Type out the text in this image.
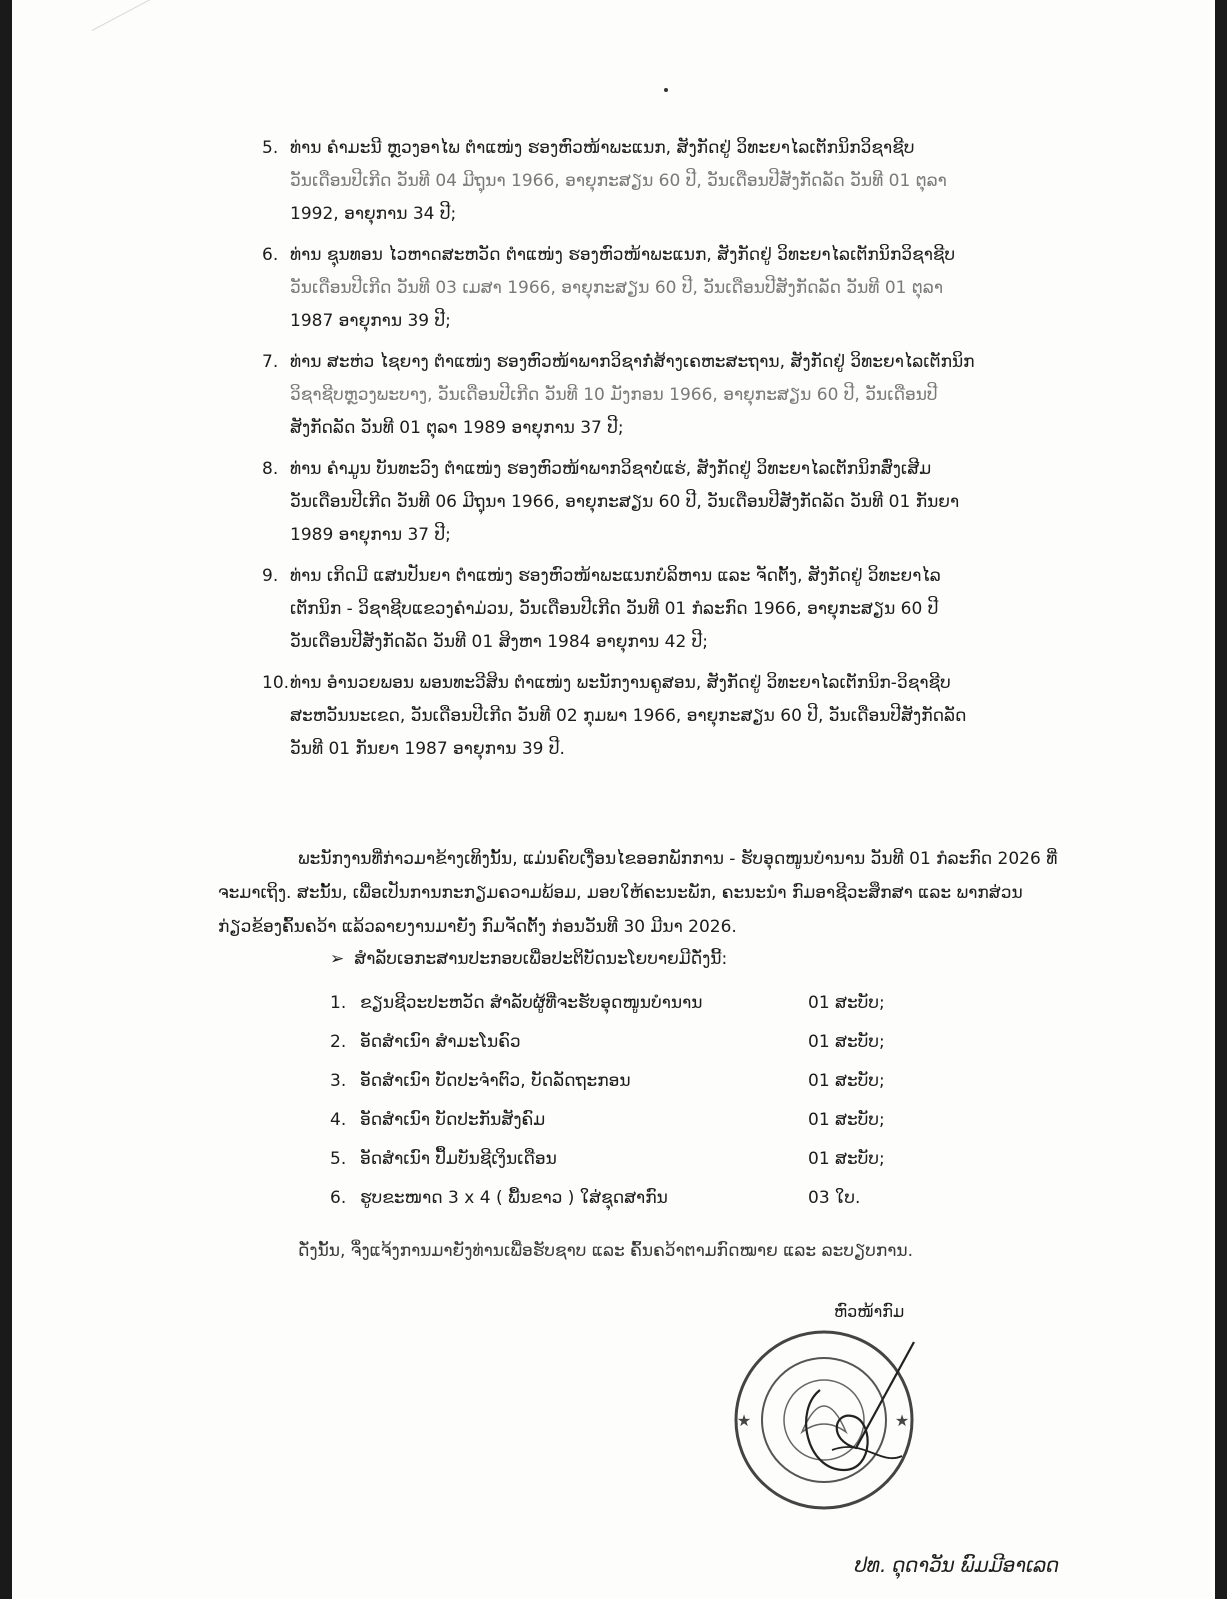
5. ທ່ານ ຄຳມະນີ ຫຼວງອາໄພ ຕຳແໜ່ງ ຮອງຫົວໜ້າພະແນກ, ສັງກັດຢູ່ ວິທະຍາໄລເຕັກນິກວິຊາຊີບ
ວັນເດືອນປີເກີດ ວັນທີ 04 ມີຖຸນາ 1966, ອາຍຸກະສຽນ 60 ປີ, ວັນເດືອນປີສັງກັດລັດ ວັນທີ 01 ຕຸລາ
1992, ອາຍຸການ 34 ປີ;
6. ທ່ານ ຊຸນທອນ ໄວຫາດສະຫວັດ ຕຳແໜ່ງ ຮອງຫົວໜ້າພະແນກ, ສັງກັດຢູ່ ວິທະຍາໄລເຕັກນິກວິຊາຊີບ
ວັນເດືອນປີເກີດ ວັນທີ 03 ເມສາ 1966, ອາຍຸກະສຽນ 60 ປີ, ວັນເດືອນປີສັງກັດລັດ ວັນທີ 01 ຕຸລາ
1987 ອາຍຸການ 39 ປີ;
7. ທ່ານ ສະຫ່ວ ໄຊຍາງ ຕຳແໜ່ງ ຮອງຫົວໜ້າພາກວິຊາກໍ່ສ້າງເຄຫະສະຖານ, ສັງກັດຢູ່ ວິທະຍາໄລເຕັກນິກ
ວິຊາຊີບຫຼວງພະບາງ, ວັນເດືອນປີເກີດ ວັນທີ 10 ມັງກອນ 1966, ອາຍຸກະສຽນ 60 ປີ, ວັນເດືອນປີ
ສັງກັດລັດ ວັນທີ 01 ຕຸລາ 1989 ອາຍຸການ 37 ປີ;
8. ທ່ານ ຄຳມູນ ບັນທະວົງ ຕຳແໜ່ງ ຮອງຫົວໜ້າພາກວິຊາບໍ່ແຮ່, ສັງກັດຢູ່ ວິທະຍາໄລເຕັກນິກສົ່ງເສີມ
ວັນເດືອນປີເກີດ ວັນທີ 06 ມີຖຸນາ 1966, ອາຍຸກະສຽນ 60 ປີ, ວັນເດືອນປີສັງກັດລັດ ວັນທີ 01 ກັນຍາ
1989 ອາຍຸການ 37 ປີ;
9. ທ່ານ ເກິດມີ ແສນປັນຍາ ຕຳແໜ່ງ ຮອງຫົວໜ້າພະແນກບໍລິຫານ ແລະ ຈັດຕັ້ງ, ສັງກັດຢູ່ ວິທະຍາໄລ
ເຕັກນິກ - ວິຊາຊີບແຂວງຄຳມ່ວນ, ວັນເດືອນປີເກີດ ວັນທີ 01 ກໍລະກົດ 1966, ອາຍຸກະສຽນ 60 ປີ
ວັນເດືອນປີສັງກັດລັດ ວັນທີ 01 ສິງຫາ 1984 ອາຍຸການ 42 ປີ;
10. ທ່ານ ອຳນວຍພອນ ພອນທະວີສິນ ຕຳແໜ່ງ ພະນັກງານຄູສອນ, ສັງກັດຢູ່ ວິທະຍາໄລເຕັກນິກ-ວິຊາຊີບ
ສະຫວັນນະເຂດ, ວັນເດືອນປີເກີດ ວັນທີ 02 ກຸມພາ 1966, ອາຍຸກະສຽນ 60 ປີ, ວັນເດືອນປີສັງກັດລັດ
ວັນທີ 01 ກັນຍາ 1987 ອາຍຸການ 39 ປີ.
ພະນັກງານທີ່ກ່າວມາຂ້າງເທິງນັ້ນ, ແມ່ນຄົບເງື່ອນໄຂອອກພັກການ - ຮັບອຸດໜູນບໍານານ ວັນທີ 01 ກໍລະກົດ 2026 ທີ່ຈະມາເຖິງ. ສະນັ້ນ, ເພື່ອເປັນການກະກຽມຄວາມພ້ອມ, ມອບໃຫ້ຄະນະພັກ, ຄະນະນຳ ກົມອາຊີວະສຶກສາ ແລະ ພາກສ່ວນກ່ຽວຂ້ອງຄົ້ນຄວ້າ ແລ້ວລາຍງານມາຍັງ ກົມຈັດຕັ້ງ ກ່ອນວັນທີ 30 ມີນາ 2026.
➢ ສໍາລັບເອກະສານປະກອບເພື່ອປະຕິບັດນະໂຍບາຍມີດັ່ງນີ້:
1. ຂຽນຊີວະປະຫວັດ ສໍາລັບຜູ້ທີ່ຈະຮັບອຸດໜູນບໍານານ	01 ສະບັບ;
2. ອັດສໍາເນົາ ສໍາມະໂນຄົວ	01 ສະບັບ;
3. ອັດສໍາເນົາ ບັດປະຈໍາຕົວ, ບັດລັດຖະກອນ	01 ສະບັບ;
4. ອັດສໍາເນົາ ບັດປະກັນສັງຄົມ	01 ສະບັບ;
5. ອັດສໍາເນົາ ປຶ້ມບັນຊີເງິນເດືອນ	01 ສະບັບ;
6. ຮູບຂະໜາດ 3 x 4 ( ພື້ນຂາວ ) ໃສ່ຊຸດສາກົນ	03 ໃບ.
ດັ່ງນັ້ນ, ຈຶ່ງແຈ້ງການມາຍັງທ່ານເພື່ອຮັບຊາບ ແລະ ຄົ້ນຄວ້າຕາມກົດໝາຍ ແລະ ລະບຽບການ.
ຫົວໜ້າກົມ
★	★
ປທ. ດຸດາວັນ ພົມມີອາເລດ
